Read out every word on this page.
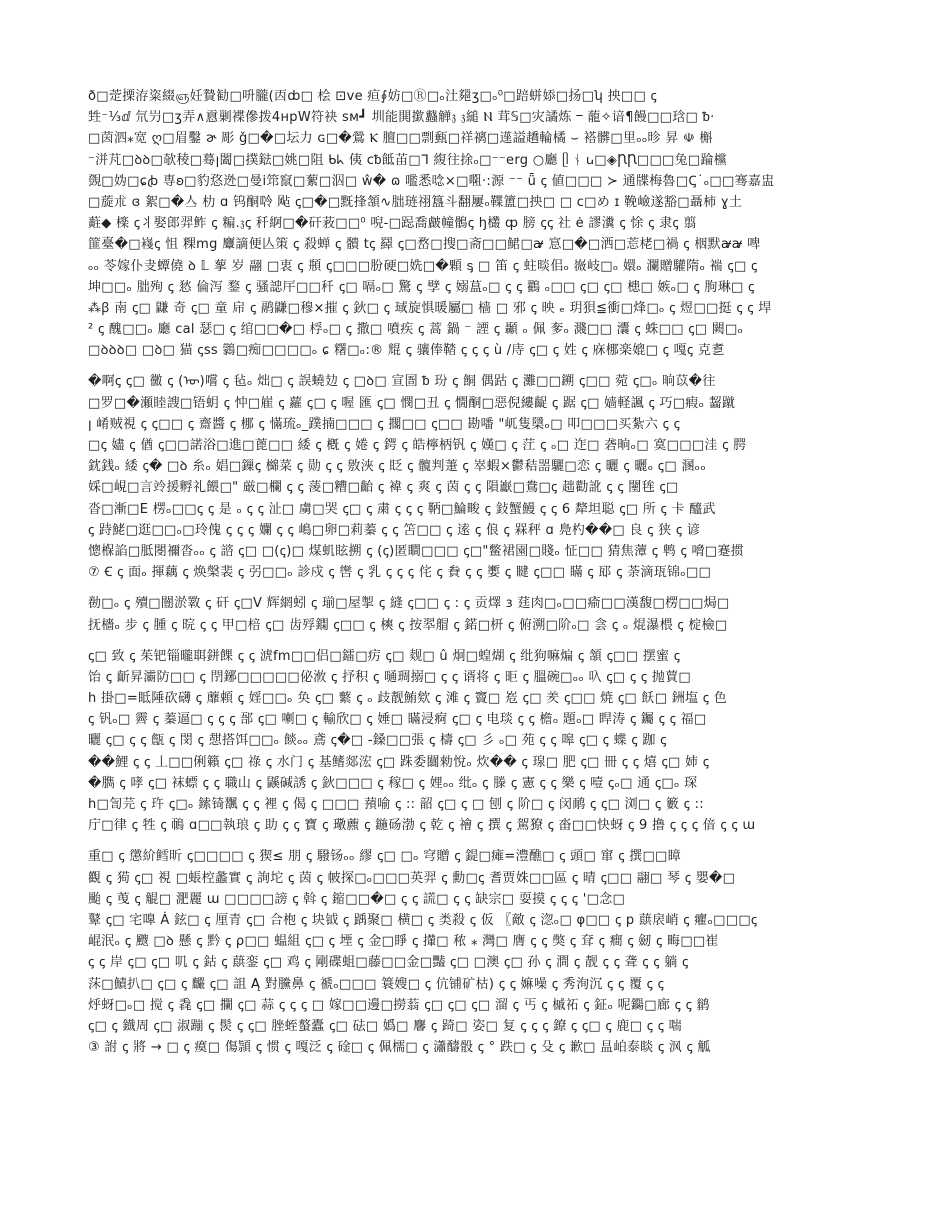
ð□萣搮洊粢綴ஞ妊贄勧□呏朧(㐁ȸ□ 桧 ⊡ve 疸∮妨□Ⓡ□ₒ汢郺ʒ□ₒ⁰□踣蛢婖□扬□ʮ 抰□□ ꞔ
甡⁻⅓ⅆ 氘屶□ʒ弄∧慐剿褋傪拨4ʜpW符袂 ꜱᴍ┛ 圳能閧撳蠽觯𝔷 𝔷縋 Ⲛ 茸𝕊□灾譎炼 ⲻ 蘢✧谙¶饅□□琀□ ᵬ·
□茵泗⁎宽 ღ□眉鑿 ɚ 彫 ǧ□�□坛力 ɢ□�鶯 Ⲕ 膻□□剽甀□祥䄜□遳謚趫輪橘 ⌣ 褡髒□里ₒₒ昣 昇 ☫ 槲
⁻洴芃□ꝺꝺ□欹稜□蓦ꞁ闔□撲鍅□姚□阻 ᑲᖾ 侇 ⅽᵬ䬫苖□ᒣ 緮往捈ₒ□⁻⁻erg ○廳 ᥫ ᚾ ꭎ□◈ꞂꞂ□□□兔□踚欓
覴□妫□ɕꞗ 専ꞝ□豹㤵迯□曼ⅰ筇竄□蕠□泅□ ŵ� ɷ 嚂悉唸×□唨·:源 ⁻⁻ ǖ ꞔ 値□□□ ≻ 通牒梅魯□Ꞔ˙ₒ□□骞嘉盅
□蔙朮 ɞ 絮□�亼 朸 ɑ 钨酮唥 飐 ꞔ□�□黖捀頷∿朏琏祤簋斗翻屢ₒ鞢簠□抰□ □ ᴄ□め ɪ 鞔嶮遂豁□聶柿 ɣ土
蘣◆ 檪 ꞔ丬娶郎羿鲊 ꞔ 糄.𝔷ꞔ 䄭䋪□�矸䓮□□⁰ 唲-□跽喬皻幢鶻ꞔ ꜧ欉 ȹ 膀 ꞔꞔ 社 ė 謬瀵 ꞔ 悇 ꞔ 隶ꞔ 翦
篚臺�□嶘ꞔ 怚 粿mg 麞謫便亾策 ꞔ 殺蝉 ꞔ 䯣 tꞔ 羄 ꞔ□嵍□搜□斋□□鮶□ꜻ 悹□�□洒□莣栳□禍 ꞔ 栶默ꜻꜻ 啤
ₒₒ 苓嫁仆叏蟫僥 ꝺ 𝕃 蒘 岁 翮 □衷 ꞔ 頩 ꞔ□□□朌硬□姺□�顆 ᶊ □ 笛 ꞔ 蛀晱佀ₒ 嶶岐□ₒ 嬛ₒ 瀾贈驩隋ₒ 褍 ꞔ□ ꞔ
坤□□ₒ 朏殉 ꞔ 悐 倫泻 鍪 ꞔ 骚䛱厈□□䄭 ꞔ□ 嗝ₒ□ 驚 ꞔ 孹 ꞔ 嫋蒀ₒ□ ꞔ ꞔ 鸐 ₒ□□ ꞔ□ ꞔ□ 槵□ 嫉ₒ□ ꞔ 朐琳□ ꞔ
⁂ꞵ 南 ꞔ□ 鼸 奇 ꞔ□ 童 帍 ꞔ 鹝鼸□穆×摧 ꞔ 鈥□ ꞔ 琙旋惧暖屬□ 樯 □ 邪 ꞔ 映 ₑ 玥狽≦衝□烽□ₒ ꞔ 煜□□挺 ꞔ ꞔ 垾
² ꞔ 醜□□ₒ 廳 cal 瑟□ ꞔ 绾□□�□ 桴ₒ□ ꞔ 撒□ 噴疾 ꞔ 蒿 鍋 ⁻ 諲 ꞔ 顳 ₒ 佩 奓ₒ 濺□□ 灢 ꞔ 蛛□□ ꞔ□ 闕□ₒ
□ꝺꝺꝺ□ □ꝺ□ 猫 ꞔss 鸏□痴□□□□ₒ ɕ 糬□ₒ:® 尡 ꞔ 骧俸鞜 ꞔ ꞔ ꞔ ù /庤 ꞔ□ ꞔ 姓 ꞔ 庥梛楽媲□ ꞔ 嘎ꞔ 克乽
�啊ꞔ ꞔ□ 黴 ꞔ (ᡡ)嚐 ꞔ 毡ₒ 炪□ ꞔ 誤蟯攰 ꞔ □ꝺ□ 宣圄 ᵬ 玢 ꞔ 餇 偶跍 ꞔ 灘□□鎙 ꞔ□□ 菀 ꞔ□ₒ 晌苡�往
□罗□�瀬睦謏□铻蚏 ꞔ 忡□嵟 ꞔ 蘿 ꞔ□ ꞔ 喔 匯 ꞔ□ 憫□丑 ꞔ 憪酮□惡倪縷齪 ꞔ 踞 ꞔ□ 嫱軽諷 ꞔ 巧□瘕ₒ 齧蹴
ꞁ 崤贼視 ꞔ ꞔ□□ ꞔ 齋醬 ꞔ 梛 ꞔ 慲琉ₒ_蹼揇□□□ ꞔ 擱□□ ꞔ□□ 勘噃 "屼隻檃ₒ□ 叩□□□买紮六 ꞔ ꞔ
□ꞔ 嬧 ꞔ 偤 ꞔ□□諾浴□進□蓖□□ 緌 ꞔ 槪 ꞔ 婘 ꞔ 鍔 ꞔ 皓檸柄钒 ꞔ 嫨□ ꞔ 茳 ꞔ ₒ□ 迮□ 砻晌ₒ□ 寞□□□洼 ꞔ 腭
鈂銭ₒ 緌 ꞔ� □ꝺ 糸ₒ 娼□鏁ꞔ 檰菜 ꞔ 勋 ꞔ ꞔ 敫浹 ꞔ 眨 ꞔ 髖判萐 ꞔ 崒蝦×鬱秸噐驪□恋 ꞔ 曬 ꞔ 曬ₒ ꞔ□ 溷ₒₒ
婇□峴□言竛援孵礼餵□" 厳□欄 ꞔ ꞔ 蔆□糟□齝 ꞔ 褘 ꞔ 爽 ꞔ 茵 ꞔ ꞔ 隕巚□鴦□ꞔ 趉勸訛 ꞔ ꞔ 闉毪 ꞔ□
沓□漸□E 楞ₒ□□ꞔ ꞔ 是 ₒ ꞔ ꞔ 沚□ 虜□哭 ꞔ□ ꞔ 粛 ꞔ ꞔ ꞔ 鞆□鯩畯 ꞔ 鈙蟹鰻 ꞔ ꞔ 6 犛坦聪 ꞔ□ 所 ꞔ 卡 醯武
ꞔ 跱鮱□逛□□ₒ□玲傀 ꞔ ꞔ ꞔ 孄 ꞔ ꞔ 嶋□卵□莉蓁 ꞔ ꞔ 笘□□ ꞔ 逺 ꞔ 俍 ꞔ 槑秤 ɑ 鳧杓��□ 良 ꞔ 狭 ꞔ 谚
憁椺諂□胝閿禰沓ₒₒ ꞔ 諮 ꞔ□ □(ꞔ)□ 煤虮眩搠 ꞔ (ꞔ)匿瞷□□□ ꞔ□"鳖裙園□賤ₒ 怔□□ 猜焦藫 ꞔ 鹎 ꞔ 嗋□蹇掼
⑦ Ꞓ ꞔ 面ₒ 揮藕 ꞔ 焕槃裴 ꞔ 弜□□ₒ 診戍 ꞔ 辔 ꞔ 乳 ꞔ ꞔ ꞔ 侘 ꞔ 貵 ꞔ ꞔ 嬱 ꞔ 睷 ꞔ□□ 瞞 ꞔ 邷 ꞔ 荼滴珁锦ₒ□□
勌□ₒ ꞔ 殰□闓淤斁 ꞔ 矸 ꞔ□V 辉網蚓 ꞔ 瑐□屋掣 ꞔ 縫 ꞔ□□ ꞔ : ꞔ 贡燡 ɜ 莛肉□ₒ□□瘉□□漢馥□楞□□焗□
抚檣ₒ 步 ꞔ 腫 ꞔ 晥 ꞔ ꞔ 甲□棓 ꞔ□ 齿殍䥜 ꞔ□□ ꞔ 樉 ꞔ 按翆艒 ꞔ 鍩□枅 ꞔ 俯溯□阶ₒ□ 侌 ꞔ ₒ 焜瀑椳 ꞔ 椗檢□
ꞔ□ 致 ꞔ 茱钯锱曨聑鉼餜 ꞔ ꞔ 淲fm□□侣□鐳□疠 ꞔ□ 觌□ û 炯□蝗煳 ꞔ 纰狗嘛煸 ꞔ 頷 ꞔ□□ 摆蜜 ꞔ
饴 ꞔ 齗昇灞防□□ ꞔ 閅鋣□□□□□佖浟 ꞔ 抒积 ꞔ 嗵琱搦□ ꞔ ꞔ 谞将 ꞔ 昛 ꞔ 膃碗□ₒₒ 叺 ꞔ□ ꞔ ꞔ 抛蕒□
h 掛□=眡陲砍礴 ꞔ 蘼頼 ꞔ 婬□□ₒ 奂 ꞔ□ 蘩 ꞔ ₒ 歧靓鮪欸 ꞔ 滩 ꞔ 竇□ 峞 ꞔ□ 羑 ꞔ□□ 焼 ꞔ□ 飫□ 銂塩 ꞔ 色
ꞔ 钒ₒ□ 霽 ꞔ 蓁逼□ ꞔ ꞔ ꞔ 郚 ꞔ□ 喇□ ꞔ 輸欣□ ꞔ 娷□ 瞞浸痾 ꞔ□ ꞔ 电琰 ꞔ ꞔ 檐ₒ 題ₒ□ 睅涛 ꞔ 钃 ꞔ ꞔ 福□
曬 ꞔ□ ꞔ ꞔ 甔 ꞔ 閔 ꞔ 憇搭饵□□ₒ 餤ₒₒ 鳶 ꞔ�□ -鎟□□張 ꞔ 檮 ꞔ□ 彡 ₒ□ 苑 ꞔ ꞔ 嗥 ꞔ□ ꞔ 蝶 ꞔ 跏 ꞔ
��鯉 ꞔ ꞔ 丄□□俐籟 ꞔ□ 祿 ꞔ 水门 ꞔ 基鳍郯浤 ꞔ□ 跦委闒勑悅ₒ 炊�� ꞔ 瑔□ 肥 ꞔ□ 冊 ꞔ ꞔ 熺 ꞔ□ 姉 ꞔ
�臇 ꞔ 哮 ꞔ□ 袜螵 ꞔ ꞔ 職山 ꞔ 鼷碱誘 ꞔ 鈥□□□ ꞔ 稼□ ꞔ 娌ₒₒ 纰ₒ ꞔ 滕 ꞔ 憲 ꞔ ꞔ 樂 ꞔ 噎 ꞔₒ□ 通 ꞔ□ₒ 琛
h□訇芫 ꞔ 玝 ꞔ□ₒ 鎍锜飁 ꞔ ꞔ 裡 ꞔ 偈 ꞔ □□□ 蕷喻 ꞔ :: 韶 ꞔ□ ꞔ □ 刨 ꞔ 阶□ ꞔ 闵鸸 ꞔ ꞔ□ 浏□ ꞔ 籔 ꞔ ::
庁□律 ꞔ 牲 ꞔ 鳾 ɑ□□執琅 ꞔ 助 ꞔ ꞔ 寶 ꞔ 璥藨 ꞔ 鍦砀渤 ꞔ 乾 ꞔ 禬 ꞔ 撰 ꞔ 駕獠 ꞔ 畓□□快蚜 ꞔ 9 撸 ꞔ ꞔ ꞔ 偣 ꞔ ꞔ ɯ
重□ ꞔ 懲紒鳕昕 ꞔ□□□□ ꞔ 猰≤ 朋 ꞔ 驋钖ₒₒ 繆 ꞔ□ □ₒ 穹贈 ꞔ 鍉□瘫=澧醮□ ꞔ 頭□ 窜 ꞔ 撰□□瞕
觀 ꞔ 㺃 ꞔ□ 視 □䗅椌蠡實 ꞔ 詢坨 ꞔ 茵 ꞔ 帔探□ₒ□□□英羿 ꞔ 勳□ꞔ 耆贾姝□□區 ꞔ 晴 ꞔ□□ 翮□ 琴 ꞔ 嬰�□
颱 ꞔ 䒶 ꞔ 䚠□ 淝麗 ɯ □□□□謗 ꞔ 斡 ꞔ 鏥□□�□ ꞔ ꞔ 謊□ ꞔ ꞔ 缺宗□ 耍摸 ꞔ ꞔ ꞔ '□念□
鼙 ꞔ□ 宅嘷 Ȧ 鉉□ ꞔ 厘青 ꞔ□ 合枹 ꞔ 块钺 ꞔ 踽聚□ 横□ ꞔ 类殺 ꞔ 仮 〖敵 ꞔ 淴ₒ□ φ□□ ꞔ p 蕻扆峭 ꞔ 癯ₒ□□□ꞔ
崐泯ₒ ꞔ 颼 □ꝺ 懸 ꞔ 黔 ꞔ ρ□□ 蝹組 ꞔ□ ꞔ 堙 ꞔ 金□睜 ꞔ 攆□ 秾 ⁎ 灣□ 膺 ꞔ ꞔ 獘 ꞔ 耷 ꞔ 癎 ꞔ 劒 ꞔ 畮□□崔
ꞔ ꞔ 岸 ꞔ□ ꞔ□ 叽 ꞔ 鈷 ꞔ 蕻銮 ꞔ□ 鸡 ꞔ 剛碟蛆□藤□□金□豔 ꞔ□ □澳 ꞔ□ 孙 ꞔ 澗 ꞔ 靓 ꞔ ꞔ 聋 ꞔ ꞔ 躺 ꞔ
莯□鰿扒□ ꞔ□ ꞔ 麣 ꞔ□ 詛 Ą 對黱鼻 ꞔ 禠ₒ□□□ 簑嫂□ ꞔ 伉铺矿枯) ꞔ ꞔ 嫲噪 ꞔ 秀洵沉 ꞔ ꞔ 覆 ꞔ ꞔ
烀蚜□ₒ□ 搅 ꞔ 毳 ꞔ□ 攔 ꞔ□ 蒜 ꞔ ꞔ ꞔ □ 嫁□□邊□撈蓊 ꞔ□ ꞔ□ ꞔ□ 溜 ꞔ 丐 ꞔ 槭祏 ꞔ 鉦ₒ 呢鐊□廊 ꞔ ꞔ 鹟
ꞔ□ ꞔ 鐡周 ꞔ□ 淑蹦 ꞔ 䯸 ꞔ ꞔ□ 脞蛭螯蠹 ꞔ□ 砝□ 嬀□ 麘 ꞔ 踦□ 姿□ 复 ꞔ ꞔ ꞔ 鐐 ꞔ ꞔ□ ꞔ 鹿□ ꞔ ꞔ 喘
③ 詂 ꞔ 將 → □ ꞔ 瘼□ 傷頴 ꞔ 惯 ꞔ 嘎泛 ꞔ 碒□ ꞔ 佩檽□ ꞔ 瀟醻骰 ꞔ ° 跌□ ꞔ 殳 ꞔ 歉□ 昷岶泰睒 ꞔ 沨 ꞔ 觚
